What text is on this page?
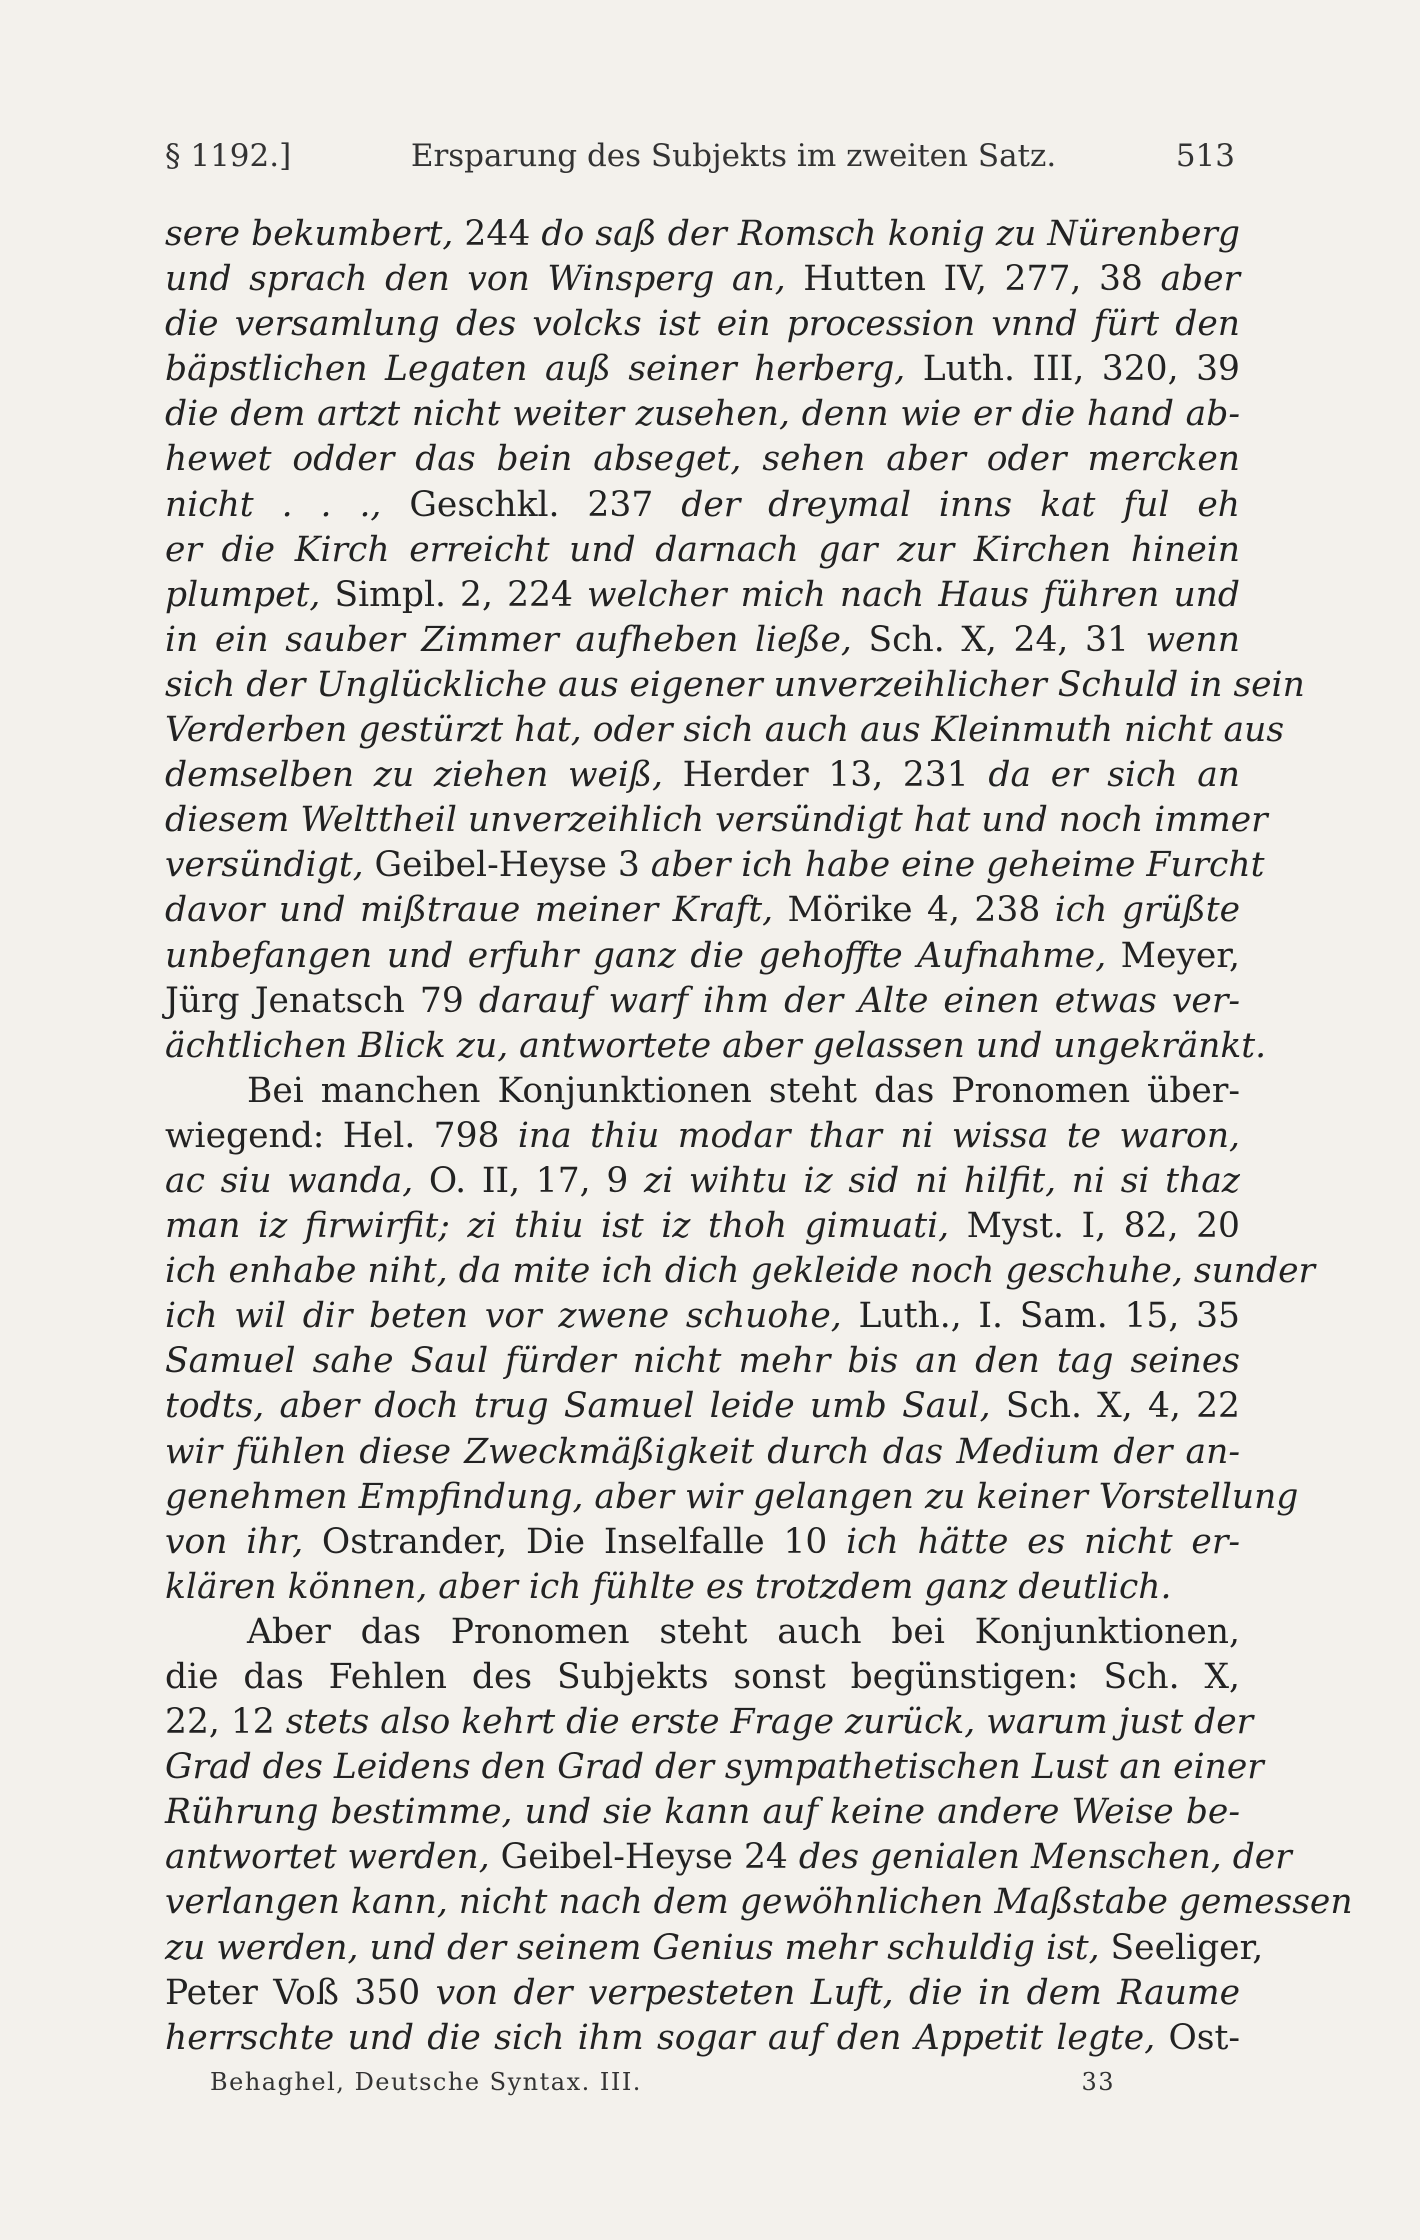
§ 1192.]	Ersparung des Subjekts im zweiten Satz.	513
sere bekumbert, 244 do saß der Romsch konig zu Nürenberg
und sprach den von Winsperg an, Hutten IV, 277, 38 aber
die versamlung des volcks ist ein procession vnnd fürt den
bäpstlichen Legaten auß seiner herberg, Luth. III, 320, 39
die dem artzt nicht weiter zusehen, denn wie er die hand ab-
hewet odder das bein abseget, sehen aber oder mercken
nicht . . ., Geschkl. 237 der dreymal inns kat ful eh
er die Kirch erreicht und darnach gar zur Kirchen hinein
plumpet, Simpl. 2, 224 welcher mich nach Haus führen und
in ein sauber Zimmer aufheben ließe, Sch. X, 24, 31 wenn
sich der Unglückliche aus eigener unverzeihlicher Schuld in sein
Verderben gestürzt hat, oder sich auch aus Kleinmuth nicht aus
demselben zu ziehen weiß, Herder 13, 231 da er sich an
diesem Welttheil unverzeihlich versündigt hat und noch immer
versündigt, Geibel-Heyse 3 aber ich habe eine geheime Furcht
davor und mißtraue meiner Kraft, Mörike 4, 238 ich grüßte
unbefangen und erfuhr ganz die gehoffte Aufnahme, Meyer,
Jürg Jenatsch 79 darauf warf ihm der Alte einen etwas ver-
ächtlichen Blick zu, antwortete aber gelassen und ungekränkt.
Bei manchen Konjunktionen steht das Pronomen über-
wiegend: Hel. 798 ina thiu modar thar ni wissa te waron,
ac siu wanda, O. II, 17, 9 zi wihtu iz sid ni hilfit, ni si thaz
man iz firwirfit; zi thiu ist iz thoh gimuati, Myst. I, 82, 20
ich enhabe niht, da mite ich dich gekleide noch geschuhe, sunder
ich wil dir beten vor zwene schuohe, Luth., I. Sam. 15, 35
Samuel sahe Saul fürder nicht mehr bis an den tag seines
todts, aber doch trug Samuel leide umb Saul, Sch. X, 4, 22
wir fühlen diese Zweckmäßigkeit durch das Medium der an-
genehmen Empfindung, aber wir gelangen zu keiner Vorstellung
von ihr, Ostrander, Die Inselfalle 10 ich hätte es nicht er-
klären können, aber ich fühlte es trotzdem ganz deutlich.
Aber das Pronomen steht auch bei Konjunktionen,
die das Fehlen des Subjekts sonst begünstigen: Sch. X,
22, 12 stets also kehrt die erste Frage zurück, warum just der
Grad des Leidens den Grad der sympathetischen Lust an einer
Rührung bestimme, und sie kann auf keine andere Weise be-
antwortet werden, Geibel-Heyse 24 des genialen Menschen, der
verlangen kann, nicht nach dem gewöhnlichen Maßstabe gemessen
zu werden, und der seinem Genius mehr schuldig ist, Seeliger,
Peter Voß 350 von der verpesteten Luft, die in dem Raume
herrschte und die sich ihm sogar auf den Appetit legte, Ost-
Behaghel, Deutsche Syntax. III.	33
